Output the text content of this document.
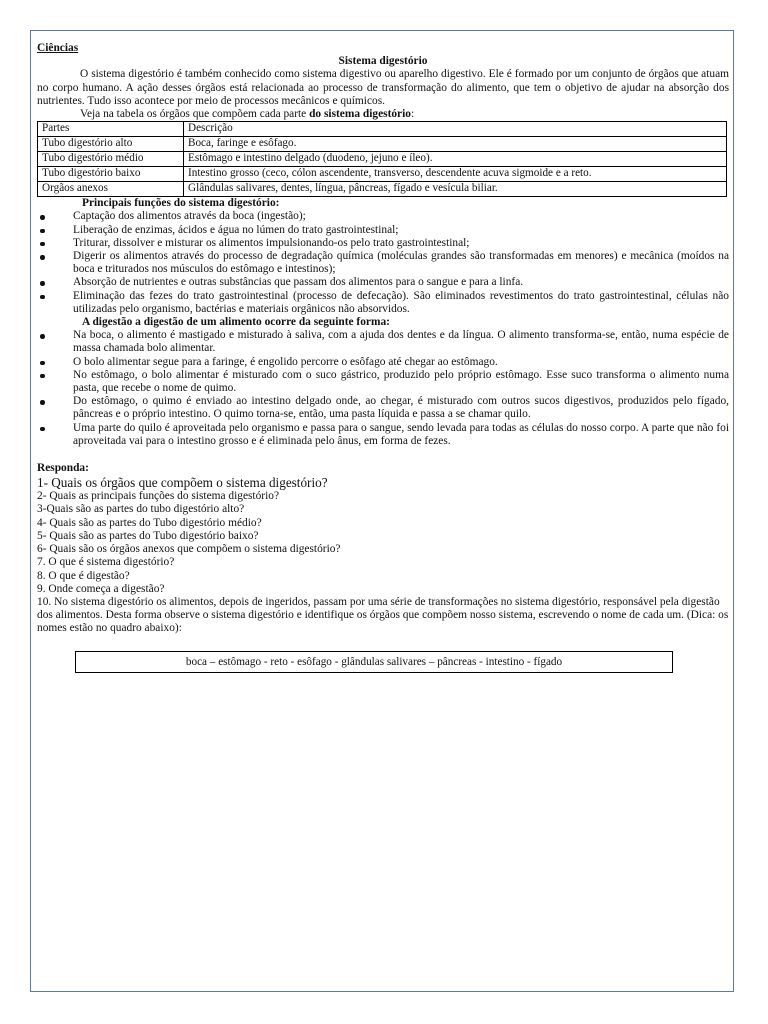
Ciências

Sistema digestório

O sistema digestório é também conhecido como sistema digestivo ou aparelho digestivo. Ele é formado por um conjunto de órgãos que atuam no corpo humano. A ação desses órgãos está relacionada ao processo de transformação do alimento, que tem o objetivo de ajudar na absorção dos nutrientes. Tudo isso acontece por meio de processos mecânicos e químicos.

Veja na tabela os órgãos que compõem cada parte do sistema digestório:

Partes	Descrição
Tubo digestório alto	Boca, faringe e esôfago.
Tubo digestório médio	Estômago e intestino delgado (duodeno, jejuno e íleo).
Tubo digestório baixo	Intestino grosso (ceco, cólon ascendente, transverso, descendente acuva sigmoide e a reto.
Orgãos anexos	Glândulas salivares, dentes, língua, pâncreas, fígado e vesícula biliar.

Principais funções do sistema digestório:

Captação dos alimentos através da boca (ingestão);
Liberação de enzimas, ácidos e água no lúmen do trato gastrointestinal;
Triturar, dissolver e misturar os alimentos impulsionando-os pelo trato gastrointestinal;
Digerir os alimentos através do processo de degradação química (moléculas grandes são transformadas em menores) e mecânica (moídos na boca e triturados nos músculos do estômago e intestinos);
Absorção de nutrientes e outras substâncias que passam dos alimentos para o sangue e para a linfa.
Eliminação das fezes do trato gastrointestinal (processo de defecação). São eliminados revestimentos do trato gastrointestinal, células não utilizadas pelo organismo, bactérias e materiais orgânicos não absorvidos.

A digestão a digestão de um alimento ocorre da seguinte forma:

Na boca, o alimento é mastigado e misturado à saliva, com a ajuda dos dentes e da língua. O alimento transforma-se, então, numa espécie de massa chamada bolo alimentar.
O bolo alimentar segue para a faringe, é engolido percorre o esôfago até chegar ao estômago.
No estômago, o bolo alimentar é misturado com o suco gástrico, produzido pelo próprio estômago. Esse suco transforma o alimento numa pasta, que recebe o nome de quimo.
Do estômago, o quimo é enviado ao intestino delgado onde, ao chegar, é misturado com outros sucos digestivos, produzidos pelo fígado, pâncreas e o próprio intestino. O quimo torna-se, então, uma pasta líquida e passa a se chamar quilo.
Uma parte do quilo é aproveitada pelo organismo e passa para o sangue, sendo levada para todas as células do nosso corpo. A parte que não foi aproveitada vai para o intestino grosso e é eliminada pelo ânus, em forma de fezes.

Responda:

1- Quais os órgãos que compõem o sistema digestório?

2- Quais as principais funções do sistema digestório?

3-Quais são as partes do tubo digestório alto?

4- Quais são as partes do Tubo digestório médio?

5- Quais são as partes do Tubo digestório baixo?

6- Quais são os órgãos anexos que compõem o sistema digestório?

7. O que é sistema digestório?

8. O que é digestão?

9. Onde começa a digestão?

10. No sistema digestório os alimentos, depois de ingeridos, passam por uma série de transformações no sistema digestório, responsável pela digestão dos alimentos. Desta forma observe o sistema digestório e identifique os órgãos que compõem nosso sistema, escrevendo o nome de cada um. (Dica: os nomes estão no quadro abaixo):

boca – estômago - reto - esôfago - glândulas salivares – pâncreas - intestino - fígado
